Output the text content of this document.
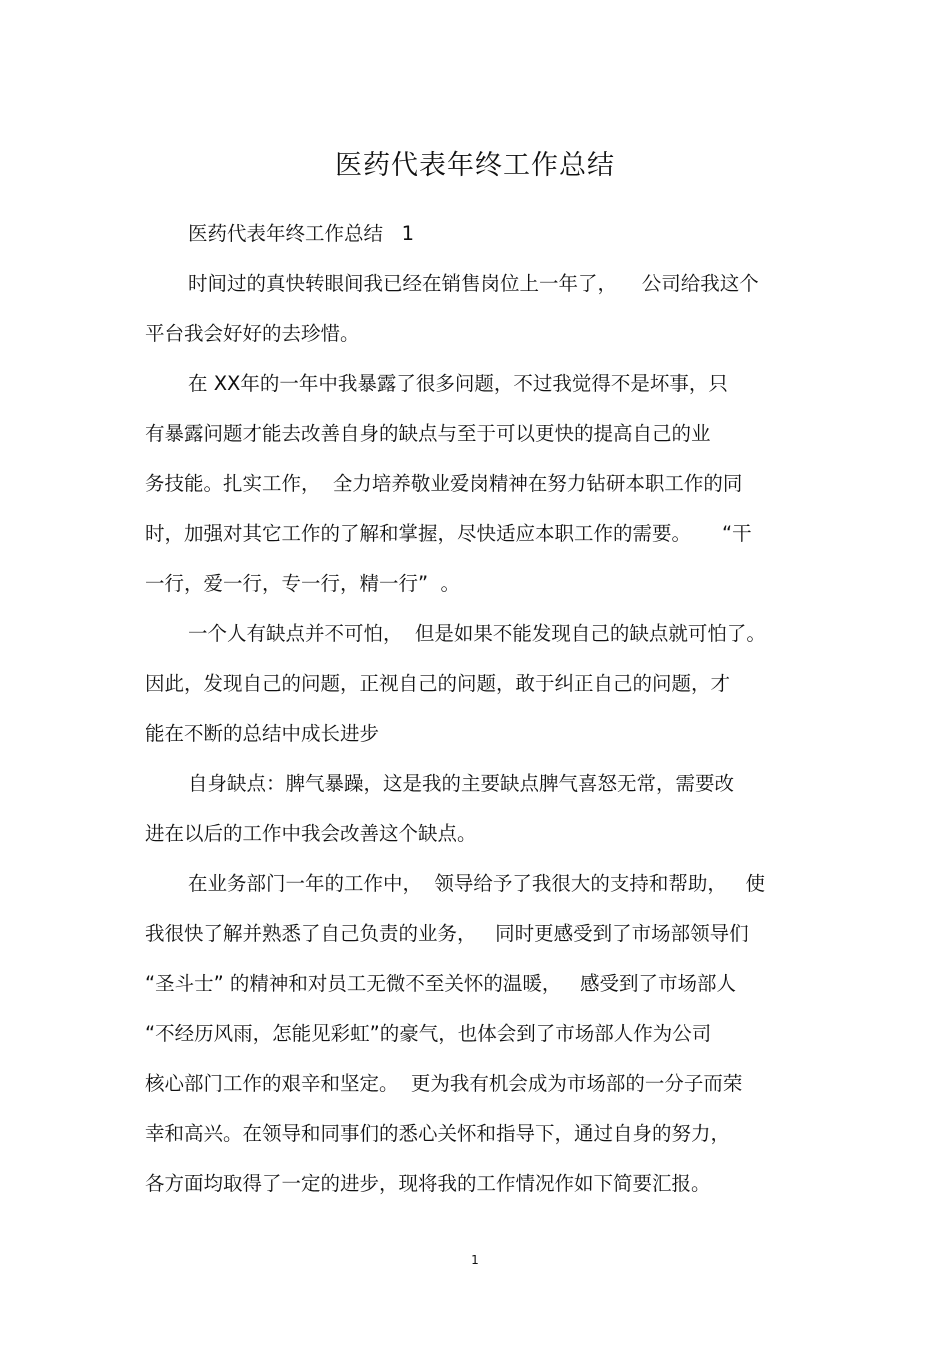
医药代表年终工作总结
医药代表年终工作总结   1
时间过的真快转眼间我已经在销售岗位上一年了，    公司给我这个
平台我会好好的去珍惜。
在 XX年的一年中我暴露了很多问题，不过我觉得不是坏事，只
有暴露问题才能去改善自身的缺点与至于可以更快的提高自己的业
务技能。扎实工作，  全力培养敬业爱岗精神在努力钻研本职工作的同
时，加强对其它工作的了解和掌握，尽快适应本职工作的需要。     “干
一行，爱一行，专一行，精一行”  。
一个人有缺点并不可怕，  但是如果不能发现自己的缺点就可怕了。
因此，发现自己的问题，正视自己的问题，敢于纠正自己的问题，才
能在不断的总结中成长进步
自身缺点：脾气暴躁，这是我的主要缺点脾气喜怒无常，需要改
进在以后的工作中我会改善这个缺点。
在业务部门一年的工作中，  领导给予了我很大的支持和帮助，   使
我很快了解并熟悉了自己负责的业务，   同时更感受到了市场部领导们
“圣斗士” 的精神和对员工无微不至关怀的温暖，   感受到了市场部人
“不经历风雨，怎能见彩虹”的豪气，也体会到了市场部人作为公司
核心部门工作的艰辛和坚定。  更为我有机会成为市场部的一分子而荣
幸和高兴。在领导和同事们的悉心关怀和指导下，通过自身的努力，
各方面均取得了一定的进步，现将我的工作情况作如下简要汇报。
1
